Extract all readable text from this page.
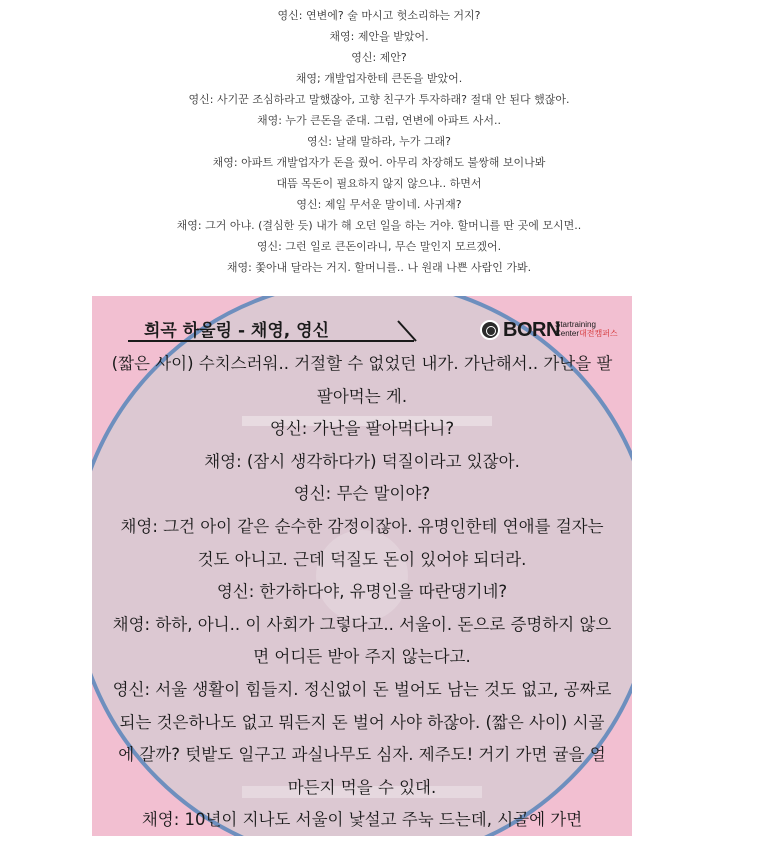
영신: 연변에? 술 마시고 헛소리하는 거지?
채영: 제안을 받았어.
영신: 제안?
채영; 개발업자한테 큰돈을 받았어.
영신: 사기꾼 조심하라고 말했잖아, 고향 친구가 투자하래? 절대 안 된다 했잖아.
채영: 누가 큰돈을 준대. 그럼, 연변에 아파트 사서..
영신: 날래 말하라, 누가 그래?
채영: 아파트 개발업자가 돈을 줬어. 아무리 차장해도 불쌍해 보이나봐
대뜸 목돈이 필요하지 않지 않으냐.. 하면서
영신: 제일 무서운 말이네. 사귀재?
채영: 그거 아냐. (결심한 듯) 내가 해 오던 일을 하는 거야. 할머니를 딴 곳에 모시면..
영신: 그런 일로 큰돈이라니, 무슨 말인지 모르겠어.
채영: 쫓아내 달라는 거지. 할머니를.. 나 원래 나쁜 사람인 가봐.
희곡 하울링 - 채영, 영신	BORN
Startraining
Center대전캠퍼스
(짧은 사이) 수치스러워.. 거절할 수 없었던 내가. 가난해서.. 가난을 팔
팔아먹는 게.
영신: 가난을 팔아먹다니?
채영: (잠시 생각하다가) 덕질이라고 있잖아.
영신: 무슨 말이야?
채영: 그건 아이 같은 순수한 감정이잖아. 유명인한테 연애를 걸자는
것도 아니고. 근데 덕질도 돈이 있어야 되더라.
영신: 한가하다야, 유명인을 따란댕기네?
채영: 하하, 아니.. 이 사회가 그렇다고.. 서울이. 돈으로 증명하지 않으
면 어디든 받아 주지 않는다고.
영신: 서울 생활이 힘들지. 정신없이 돈 벌어도 남는 것도 없고, 공짜로
되는 것은하나도 없고 뭐든지 돈 벌어 사야 하잖아. (짧은 사이) 시골
에 갈까? 텃밭도 일구고 과실나무도 심자. 제주도! 거기 가면 귤을 얼
마든지 먹을 수 있대.
채영: 10년이 지나도 서울이 낯설고 주눅 드는데, 시골에 가면
